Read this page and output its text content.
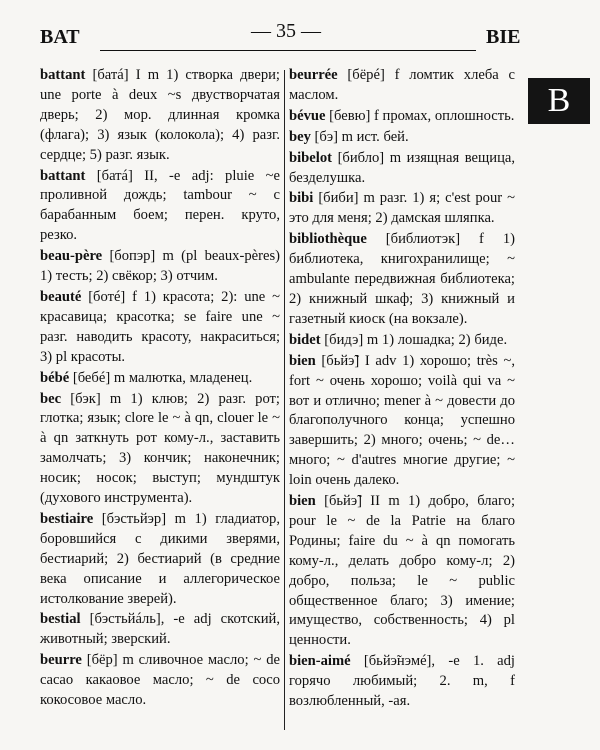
BAT	— 35 —	BIE
B

battant [батá] I m 1) створка двери; une porte à deux ~s двустворчатая дверь; 2) мор. длинная кромка (флага); 3) язык (колокола); 4) разг. сердце; 5) разг. язык.

battant [батá] II, -e adj: pluie ~e проливной дождь; tambour ~ с барабанным боем; перен. круто, резко.

beau-père [бопэр] m (pl beaux-pères) 1) тесть; 2) свёкор; 3) отчим.

beauté [ботé] f 1) красота; 2): une ~ красавица; красотка; se faire une ~ разг. наводить красоту, накраситься; 3) pl красоты.

bébé [бебé] m малютка, младенец.

bec [бэк] m 1) клюв; 2) разг. рот; глотка; язык; clore le ~ à qn, clouer le ~ à qn заткнуть рот кому-л., заставить замолчать; 3) кончик; наконечник; носик; носок; выступ; мундштук (духового инструмента).

bestiaire [бэстьйэр] m 1) гладиатор, боровшийся с дикими зверями, бестиарий; 2) бестиарий (в средние века описание и аллегорическое истолкование зверей).

bestial [бэстьйáль], -e adj скотский, животный; зверский.

beurre [бёр] m сливочное масло; ~ de cacao какаовое масло; ~ de coco кокосовое масло.

beurrée [бёрé] f ломтик хлеба с маслом.

bévue [бевю] f промах, оплошность.

bey [бэ] m ист. бей.

bibelot [библо] m изящная вещица, безделушка.

bibi [биби] m разг. 1) я; c'est pour ~ это для меня; 2) дамская шляпка.

bibliothèque [библиотэк] f 1) библиотека, книгохранилище; ~ ambulante передвижная библиотека; 2) книжный шкаф; 3) книжный и газетный киоск (на вокзале).

bidet [бидэ] m 1) лошадка; 2) биде.

bien [бьйэ̃] I adv 1) хорошо; très ~, fort ~ очень хорошо; voilà qui va ~ вот и отлично; mener à ~ довести до благополучного конца; успешно завершить; 2) много; очень; ~ de… много; ~ d'autres многие другие; ~ loin очень далеко.

bien [бьйэ̃] II m 1) добро, благо; pour le ~ de la Patrie на благо Родины; faire du ~ à qn помогать кому-л., делать добро кому-л; 2) добро, польза; le ~ public общественное благо; 3) имение; имущество, собственность; 4) pl ценности.

bien-aimé [бьйэ̃нэмé], -e 1. adj горячо любимый; 2. m, f возлюбленный, -ая.
